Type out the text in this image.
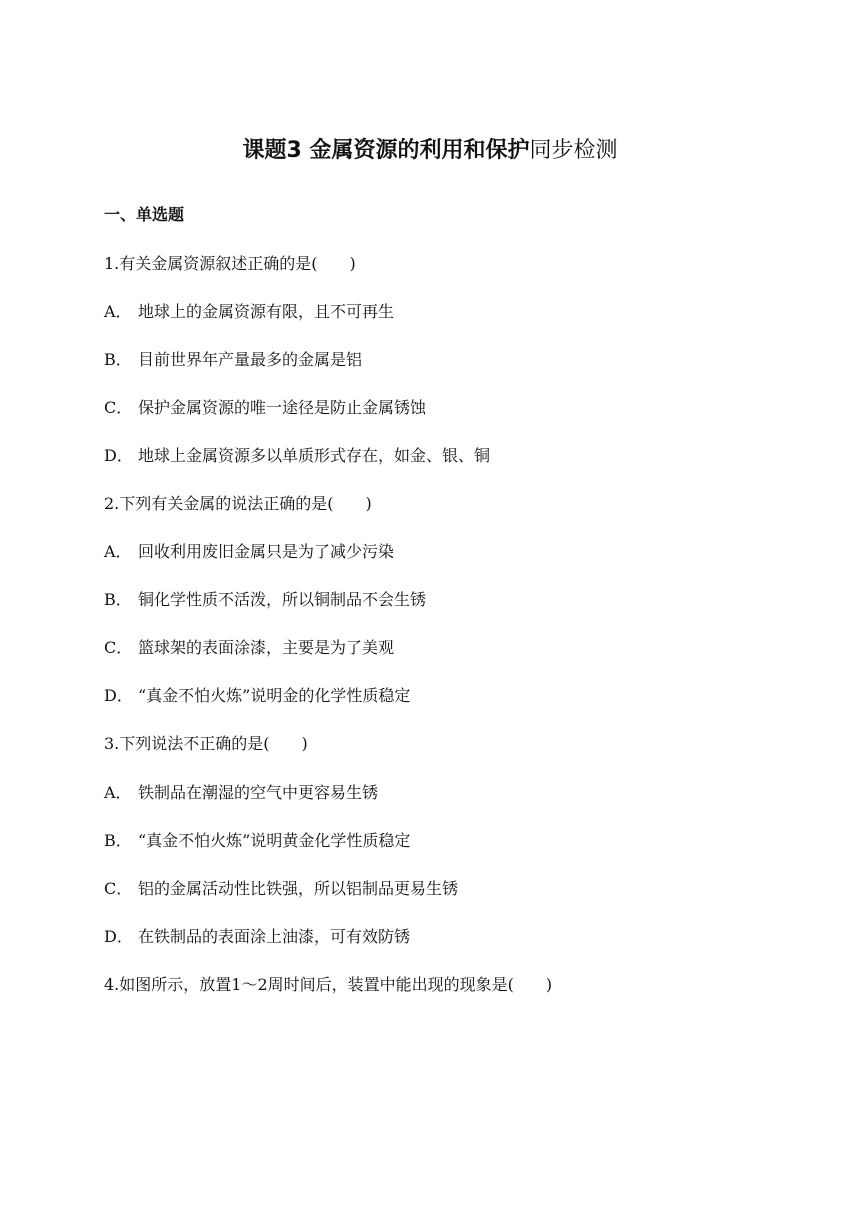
课题3 金属资源的利用和保护同步检测
一、单选题
1.有关金属资源叙述正确的是(　　)
A． 地球上的金属资源有限，且不可再生
B． 目前世界年产量最多的金属是铝
C． 保护金属资源的唯一途径是防止金属锈蚀
D． 地球上金属资源多以单质形式存在，如金、银、铜
2.下列有关金属的说法正确的是(　　)
A． 回收利用废旧金属只是为了减少污染
B． 铜化学性质不活泼，所以铜制品不会生锈
C． 篮球架的表面涂漆，主要是为了美观
D． “真金不怕火炼”说明金的化学性质稳定
3.下列说法不正确的是(　　)
A． 铁制品在潮湿的空气中更容易生锈
B． “真金不怕火炼”说明黄金化学性质稳定
C． 铝的金属活动性比铁强，所以铝制品更易生锈
D． 在铁制品的表面涂上油漆，可有效防锈
4.如图所示，放置1～2周时间后，装置中能出现的现象是(　　)
